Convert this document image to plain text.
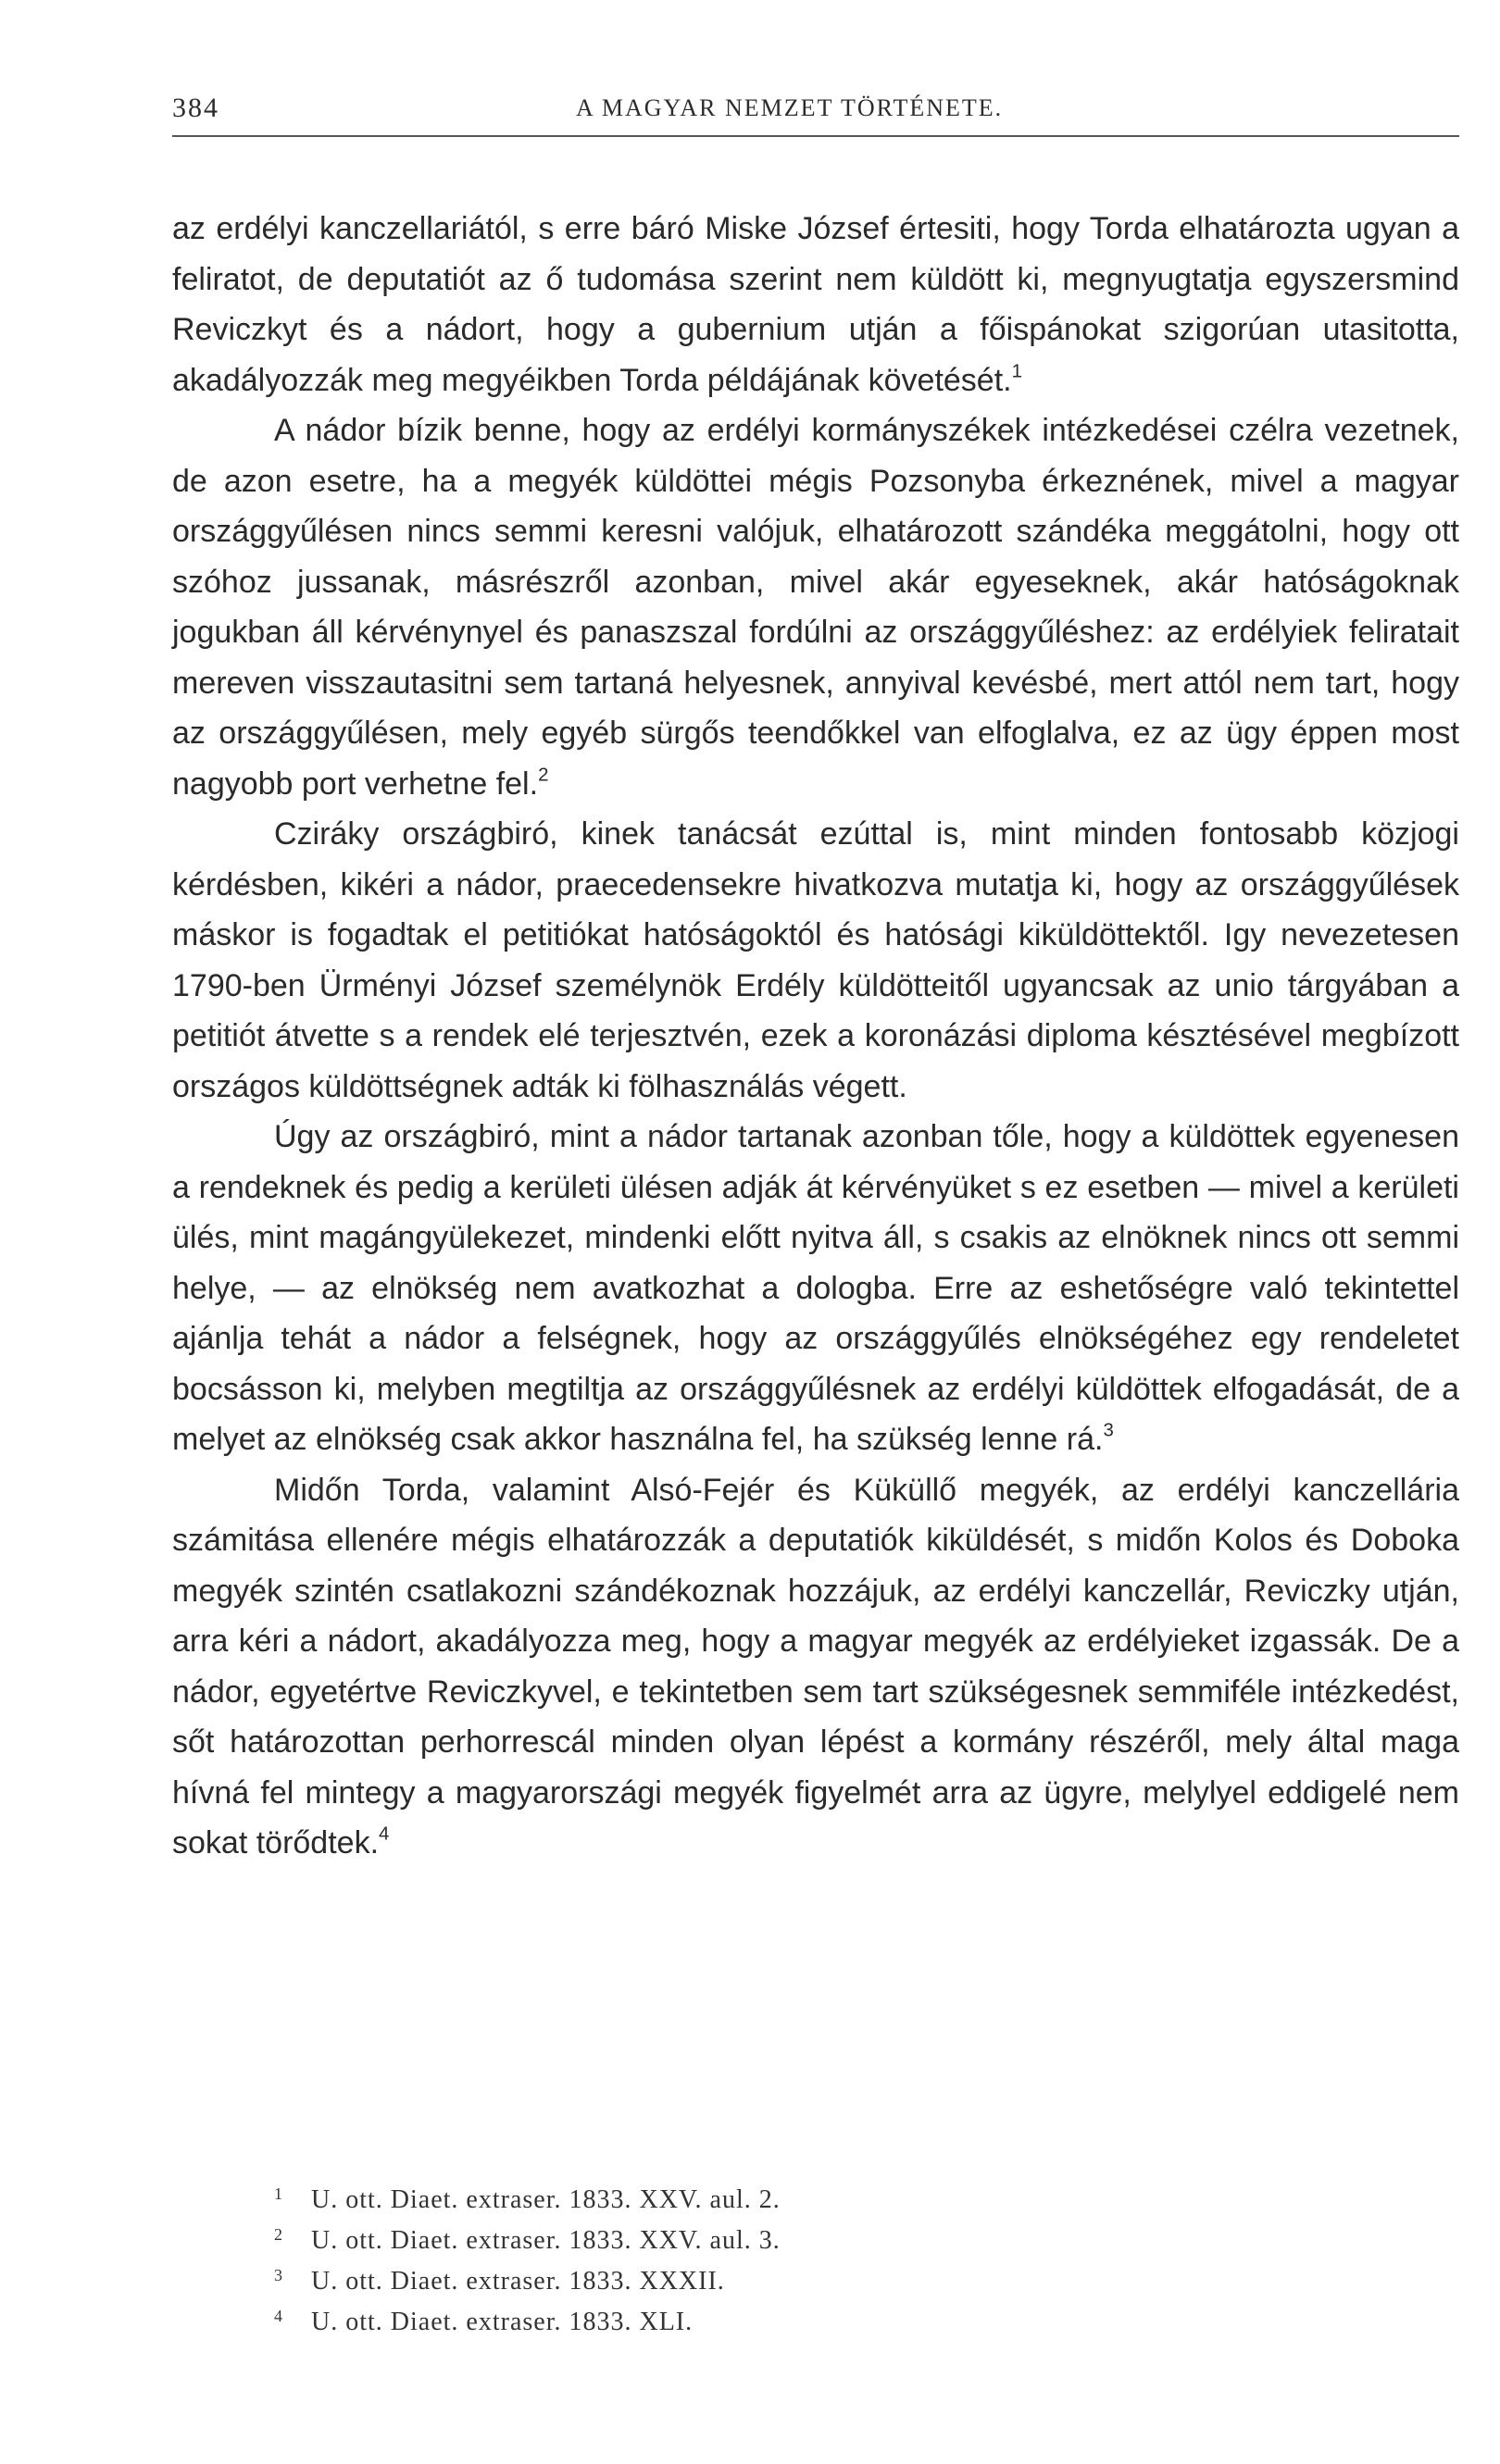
384	A MAGYAR NEMZET TÖRTÉNETE.

az erdélyi kanczellariától, s erre báró Miske József értesiti, hogy Torda elhatározta ugyan a feliratot, de deputatiót az ő tudomása szerint nem küldött ki, megnyugtatja egyszersmind Reviczkyt és a nádort, hogy a gubernium utján a főispánokat szigorúan utasitotta, akadályozzák meg megyéikben Torda példájának követését.$^1$

A nádor bízik benne, hogy az erdélyi kormányszékek intézkedései czélra vezetnek, de azon esetre, ha a megyék küldöttei mégis Pozsonyba érkeznének, mivel a magyar országgyűlésen nincs semmi keresni valójuk, elhatározott szándéka meggátolni, hogy ott szóhoz jussanak, másrészről azonban, mivel akár egyeseknek, akár hatóságoknak jogukban áll kérvénynyel és panaszszal fordúlni az országgyűléshez: az erdélyiek feliratait mereven visszautasitni sem tartaná helyesnek, annyival kevésbé, mert attól nem tart, hogy az országgyűlésen, mely egyéb sürgős teendőkkel van elfoglalva, ez az ügy éppen most nagyobb port verhetne fel.$^2$

Cziráky országbiró, kinek tanácsát ezúttal is, mint minden fontosabb közjogi kérdésben, kikéri a nádor, praecedensekre hivatkozva mutatja ki, hogy az országgyűlések máskor is fogadtak el petitiókat hatóságoktól és hatósági kiküldöttektől. Igy nevezetesen 1790-ben Ürményi József személynök Erdély küldötteitől ugyancsak az unio tárgyában a petitiót átvette s a rendek elé terjesztvén, ezek a koronázási diploma késztésével megbízott országos küldöttségnek adták ki fölhasználás végett.

Úgy az országbiró, mint a nádor tartanak azonban tőle, hogy a küldöttek egyenesen a rendeknek és pedig a kerületi ülésen adják át kérvényüket s ez esetben — mivel a kerületi ülés, mint magángyülekezet, mindenki előtt nyitva áll, s csakis az elnöknek nincs ott semmi helye, — az elnökség nem avatkozhat a dologba. Erre az eshetőségre való tekintettel ajánlja tehát a nádor a felségnek, hogy az országgyűlés elnökségéhez egy rendeletet bocsásson ki, melyben megtiltja az országgyűlésnek az erdélyi küldöttek elfogadását, de a melyet az elnökség csak akkor használna fel, ha szükség lenne rá.$^3$

Midőn Torda, valamint Alsó-Fejér és Küküllő megyék, az erdélyi kanczellária számitása ellenére mégis elhatározzák a deputatiók kiküldését, s midőn Kolos és Doboka megyék szintén csatlakozni szándékoznak hozzájuk, az erdélyi kanczellár, Reviczky utján, arra kéri a nádort, akadályozza meg, hogy a magyar megyék az erdélyieket izgassák. De a nádor, egyetértve Reviczkyvel, e tekintetben sem tart szükségesnek semmiféle intézkedést, sőt határozottan perhorrescál minden olyan lépést a kormány részéről, mely által maga hívná fel mintegy a magyarországi megyék figyelmét arra az ügyre, melylyel eddigelé nem sokat törődtek.$^4$

1	U. ott. Diaet. extraser. 1833. XXV. aul. 2.
2	U. ott. Diaet. extraser. 1833. XXV. aul. 3.
3	U. ott. Diaet. extraser. 1833. XXXII.
4	U. ott. Diaet. extraser. 1833. XLI.
